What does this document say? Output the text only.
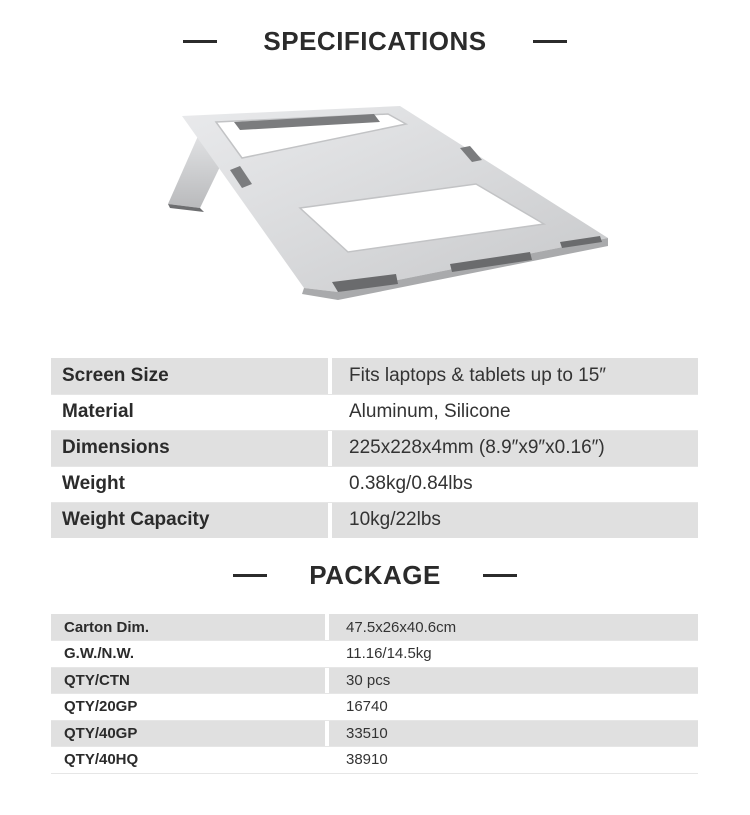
SPECIFICATIONS
Screen Size		Fits laptops & tablets up to 15″
Material		Aluminum, Silicone
Dimensions		225x228x4mm (8.9″x9″x0.16″)
Weight		0.38kg/0.84lbs
Weight Capacity		10kg/22lbs
PACKAGE
Carton Dim.		47.5x26x40.6cm
G.W./N.W.		11.16/14.5kg
QTY/CTN		30 pcs
QTY/20GP		16740
QTY/40GP		33510
QTY/40HQ		38910
